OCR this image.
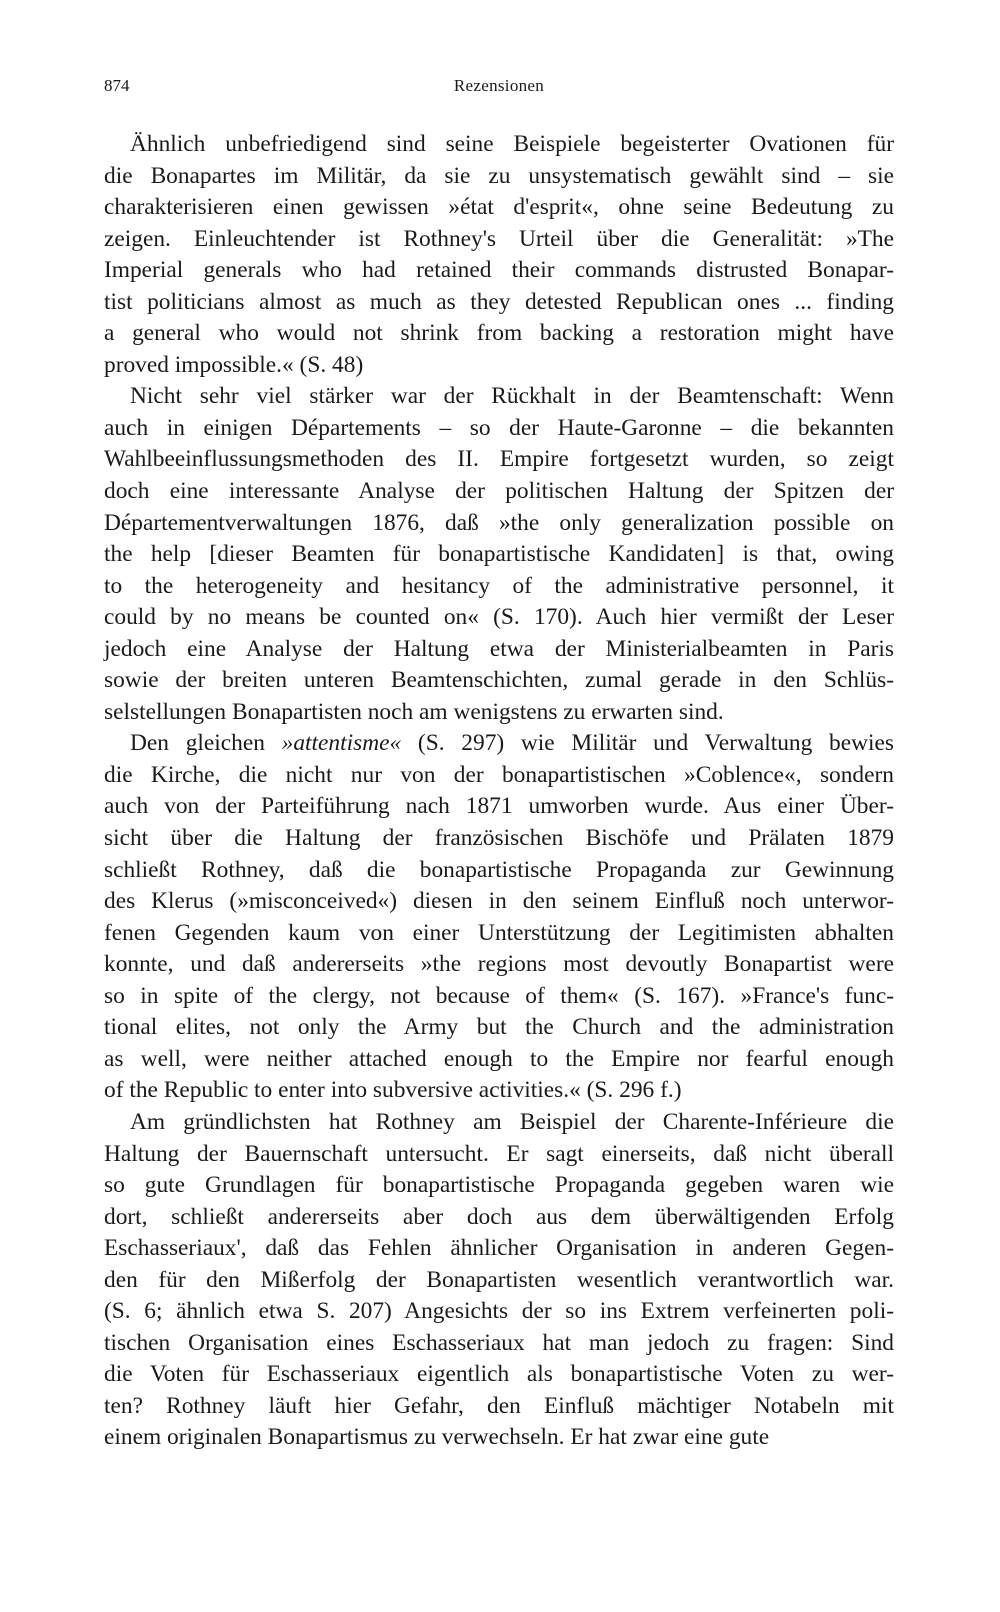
874	Rezensionen

Ähnlich unbefriedigend sind seine Beispiele begeisterter Ovationen für
die Bonapartes im Militär, da sie zu unsystematisch gewählt sind – sie
charakterisieren einen gewissen »état d'esprit«, ohne seine Bedeutung zu
zeigen. Einleuchtender ist Rothney's Urteil über die Generalität: »The
Imperial generals who had retained their commands distrusted Bonapar-
tist politicians almost as much as they detested Republican ones ... finding
a general who would not shrink from backing a restoration might have
proved impossible.« (S. 48)

Nicht sehr viel stärker war der Rückhalt in der Beamtenschaft: Wenn
auch in einigen Départements – so der Haute-Garonne – die bekannten
Wahlbeeinflussungsmethoden des II. Empire fortgesetzt wurden, so zeigt
doch eine interessante Analyse der politischen Haltung der Spitzen der
Départementverwaltungen 1876, daß »the only generalization possible on
the help [dieser Beamten für bonapartistische Kandidaten] is that, owing
to the heterogeneity and hesitancy of the administrative personnel, it
could by no means be counted on« (S. 170). Auch hier vermißt der Leser
jedoch eine Analyse der Haltung etwa der Ministerialbeamten in Paris
sowie der breiten unteren Beamtenschichten, zumal gerade in den Schlüs-
selstellungen Bonapartisten noch am wenigstens zu erwarten sind.

Den gleichen »attentisme« (S. 297) wie Militär und Verwaltung bewies
die Kirche, die nicht nur von der bonapartistischen »Coblence«, sondern
auch von der Parteiführung nach 1871 umworben wurde. Aus einer Über-
sicht über die Haltung der französischen Bischöfe und Prälaten 1879
schließt Rothney, daß die bonapartistische Propaganda zur Gewinnung
des Klerus (»misconceived«) diesen in den seinem Einfluß noch unterwor-
fenen Gegenden kaum von einer Unterstützung der Legitimisten abhalten
konnte, und daß andererseits »the regions most devoutly Bonapartist were
so in spite of the clergy, not because of them« (S. 167). »France's func-
tional elites, not only the Army but the Church and the administration
as well, were neither attached enough to the Empire nor fearful enough
of the Republic to enter into subversive activities.« (S. 296 f.)

Am gründlichsten hat Rothney am Beispiel der Charente-Inférieure die
Haltung der Bauernschaft untersucht. Er sagt einerseits, daß nicht überall
so gute Grundlagen für bonapartistische Propaganda gegeben waren wie
dort, schließt andererseits aber doch aus dem überwältigenden Erfolg
Eschasseriaux', daß das Fehlen ähnlicher Organisation in anderen Gegen-
den für den Mißerfolg der Bonapartisten wesentlich verantwortlich war.
(S. 6; ähnlich etwa S. 207) Angesichts der so ins Extrem verfeinerten poli-
tischen Organisation eines Eschasseriaux hat man jedoch zu fragen: Sind
die Voten für Eschasseriaux eigentlich als bonapartistische Voten zu wer-
ten? Rothney läuft hier Gefahr, den Einfluß mächtiger Notabeln mit
einem originalen Bonapartismus zu verwechseln. Er hat zwar eine gute
